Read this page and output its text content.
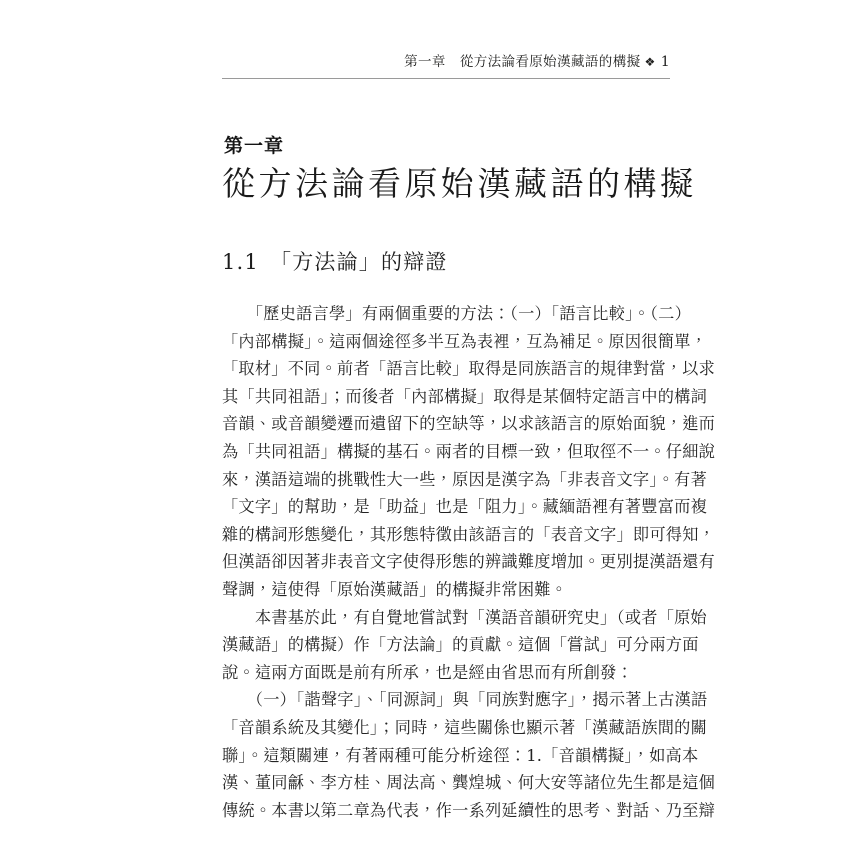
第一章 從方法論看原始漢藏語的構擬 ❖ 1
第一章
從方法論看原始漢藏語的構擬
1.1 「方法論」的辯證
　　「歷史語言學」有兩個重要的方法：（一）「語言比較」。（二）
「內部構擬」。這兩個途徑多半互為表裡，互為補足。原因很簡單，
「取材」不同。前者「語言比較」取得是同族語言的規律對當，以求
其「共同祖語」；而後者「內部構擬」取得是某個特定語言中的構詞
音韻、或音韻變遷而遺留下的空缺等，以求該語言的原始面貌，進而
為「共同祖語」構擬的基石。兩者的目標一致，但取徑不一。仔細說
來，漢語這端的挑戰性大一些，原因是漢字為「非表音文字」。有著
「文字」的幫助，是「助益」也是「阻力」。藏緬語裡有著豐富而複
雜的構詞形態變化，其形態特徵由該語言的「表音文字」即可得知，
但漢語卻因著非表音文字使得形態的辨識難度增加。更別提漢語還有
聲調，這使得「原始漢藏語」的構擬非常困難。
　　本書基於此，有自覺地嘗試對「漢語音韻研究史」（或者「原始
漢藏語」的構擬）作「方法論」的貢獻。這個「嘗試」可分兩方面
說。這兩方面既是前有所承，也是經由省思而有所創發：
　　（一）「諧聲字」、「同源詞」與「同族對應字」，揭示著上古漢語
「音韻系統及其變化」；同時，這些關係也顯示著「漢藏語族間的關
聯」。這類關連，有著兩種可能分析途徑：1.「音韻構擬」，如高本
漢、董同龢、李方桂、周法高、龔煌城、何大安等諸位先生都是這個
傳統。本書以第二章為代表，作一系列延續性的思考、對話、乃至辯
